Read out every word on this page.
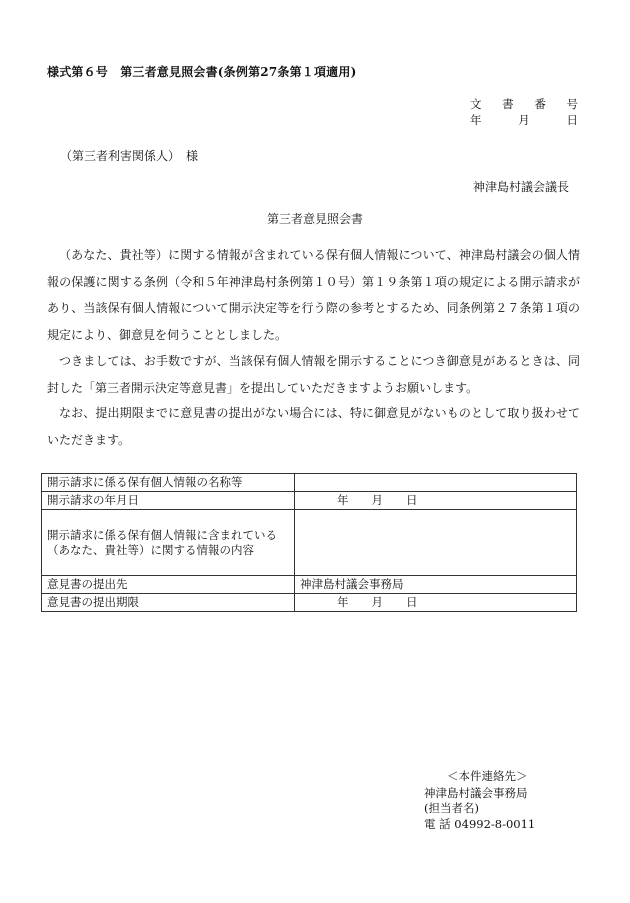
様式第６号　第三者意見照会書(条例第27条第１項適用)
文 書 番 号
年	月	日
（第三者利害関係人）　様
神津島村議会議長
第三者意見照会書
（あなた、貴社等）に関する情報が含まれている保有個人情報について、神津島村議会の個人情報の保護に関する条例（令和５年神津島村条例第１０号）第１９条第１項の規定による開示請求があり、当該保有個人情報について開示決定等を行う際の参考とするため、同条例第２７条第１項の規定により、御意見を伺うこととしました。
つきましては、お手数ですが、当該保有個人情報を開示することにつき御意見があるときは、同封した「第三者開示決定等意見書」を提出していただきますようお願いします。
なお、提出期限までに意見書の提出がない場合には、特に御意見がないものとして取り扱わせていただきます。
開示請求に係る保有個人情報の名称等	
開示請求の年月日	年　　月　　日
開示請求に係る保有個人情報に含まれている（あなた、貴社等）に関する情報の内容	
意見書の提出先	神津島村議会事務局
意見書の提出期限	年　　月　　日
＜本件連絡先＞
神津島村議会事務局
(担当者名)
電 話 04992-8-0011
